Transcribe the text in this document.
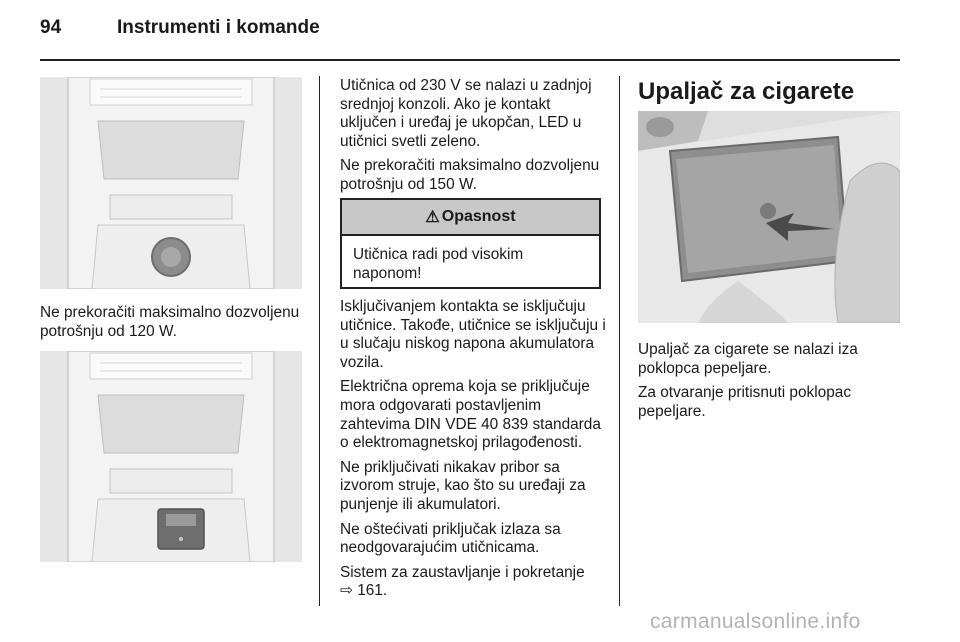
94	Instrumenti i komande
Ne prekoračiti maksimalno dozvoljenu potrošnju od 120 W.

Utičnica od 230 V se nalazi u zadnjoj srednjoj konzoli. Ako je kontakt uključen i uređaj je ukopčan, LED u utičnici svetli zeleno.

Ne prekoračiti maksimalno dozvoljenu potrošnju od 150 W.

⚠ Opasnost
Utičnica radi pod visokim naponom!

Isključivanjem kontakta se isključuju utičnice. Takođe, utičnice se isključuju i u slučaju niskog napona akumulatora vozila.

Električna oprema koja se priključuje mora odgovarati postavljenim zahtevima DIN VDE 40 839 standarda o elektromagnetskoj prilagođenosti.

Ne priključivati nikakav pribor sa izvorom struje, kao što su uređaji za punjenje ili akumulatori.

Ne oštećivati priključak izlaza sa neodgovarajućim utičnicama.

Sistem za zaustavljanje i pokretanje
⇨ 161.

Upaljač za cigarete

Upaljač za cigarete se nalazi iza poklopca pepeljare.

Za otvaranje pritisnuti poklopac pepeljare.

carmanualsonline.info
